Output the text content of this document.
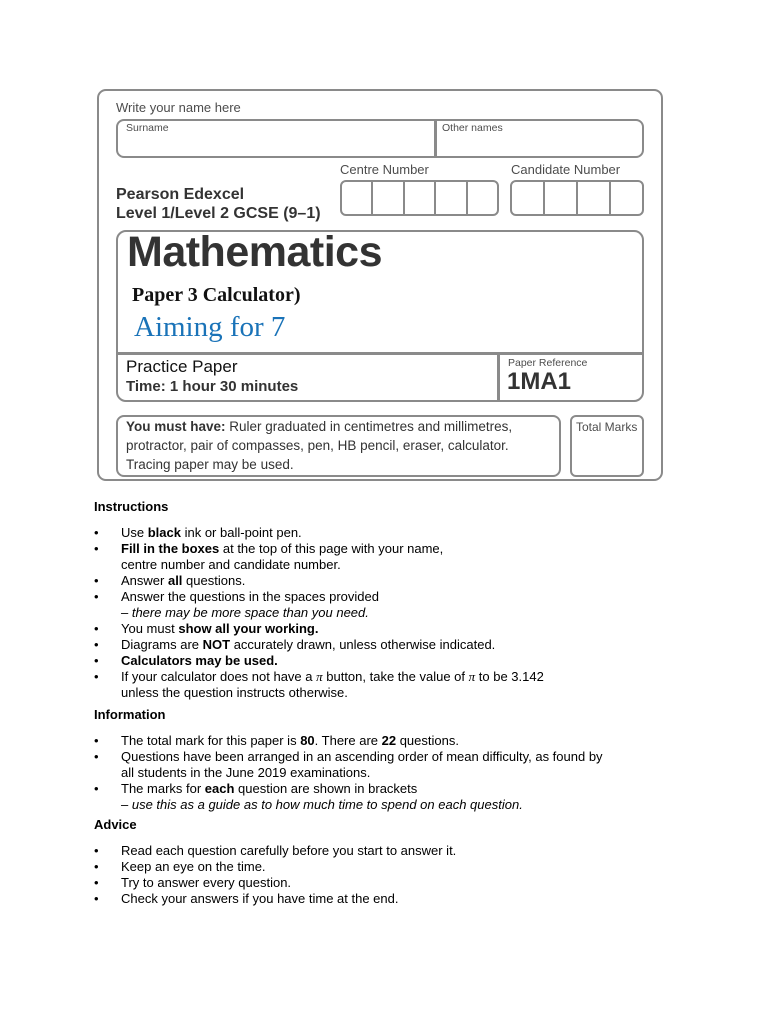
Write your name here
Surname	Other names
Centre Number	Candidate Number
Pearson Edexcel
Level 1/Level 2 GCSE (9–1)
Mathematics
Paper 3 Calculator)
Aiming for 7
Practice Paper
Time: 1 hour 30 minutes
Paper Reference
1MA1
You must have: Ruler graduated in centimetres and millimetres, protractor, pair of compasses, pen, HB pencil, eraser, calculator. Tracing paper may be used.
Total Marks
Instructions
• Use black ink or ball-point pen.
• Fill in the boxes at the top of this page with your name,
centre number and candidate number.
• Answer all questions.
• Answer the questions in the spaces provided
– there may be more space than you need.
• You must show all your working.
• Diagrams are NOT accurately drawn, unless otherwise indicated.
• Calculators may be used.
• If your calculator does not have a π button, take the value of π to be 3.142
unless the question instructs otherwise.
Information
• The total mark for this paper is 80. There are 22 questions.
• Questions have been arranged in an ascending order of mean difficulty, as found by
all students in the June 2019 examinations.
• The marks for each question are shown in brackets
– use this as a guide as to how much time to spend on each question.
Advice
• Read each question carefully before you start to answer it.
• Keep an eye on the time.
• Try to answer every question.
• Check your answers if you have time at the end.
